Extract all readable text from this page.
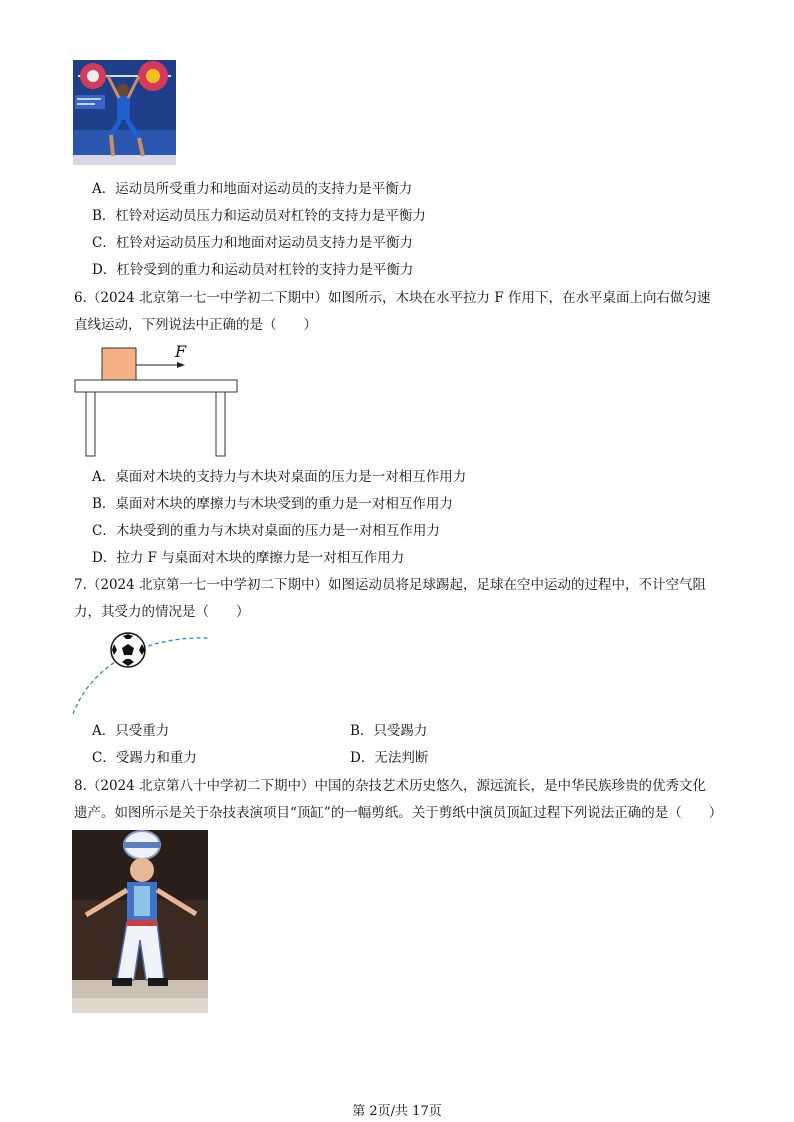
A．运动员所受重力和地面对运动员的支持力是平衡力
B．杠铃对运动员压力和运动员对杠铃的支持力是平衡力
C．杠铃对运动员压力和地面对运动员支持力是平衡力
D．杠铃受到的重力和运动员对杠铃的支持力是平衡力
6.（2024 北京第一七一中学初二下期中）如图所示，木块在水平拉力 F 作用下，在水平桌面上向右做匀速
直线运动，下列说法中正确的是（　　）
F
A．桌面对木块的支持力与木块对桌面的压力是一对相互作用力
B．桌面对木块的摩擦力与木块受到的重力是一对相互作用力
C．木块受到的重力与木块对桌面的压力是一对相互作用力
D．拉力 F 与桌面对木块的摩擦力是一对相互作用力
7.（2024 北京第一七一中学初二下期中）如图运动员将足球踢起，足球在空中运动的过程中，不计空气阻
力，其受力的情况是（　　）
A．只受重力	B．只受踢力
C．受踢力和重力	D．无法判断
8.（2024 北京第八十中学初二下期中）中国的杂技艺术历史悠久，源远流长，是中华民族珍贵的优秀文化
遗产。如图所示是关于杂技表演项目“顶缸”的一幅剪纸。关于剪纸中演员顶缸过程下列说法正确的是（　　）
第 2页/共 17页
